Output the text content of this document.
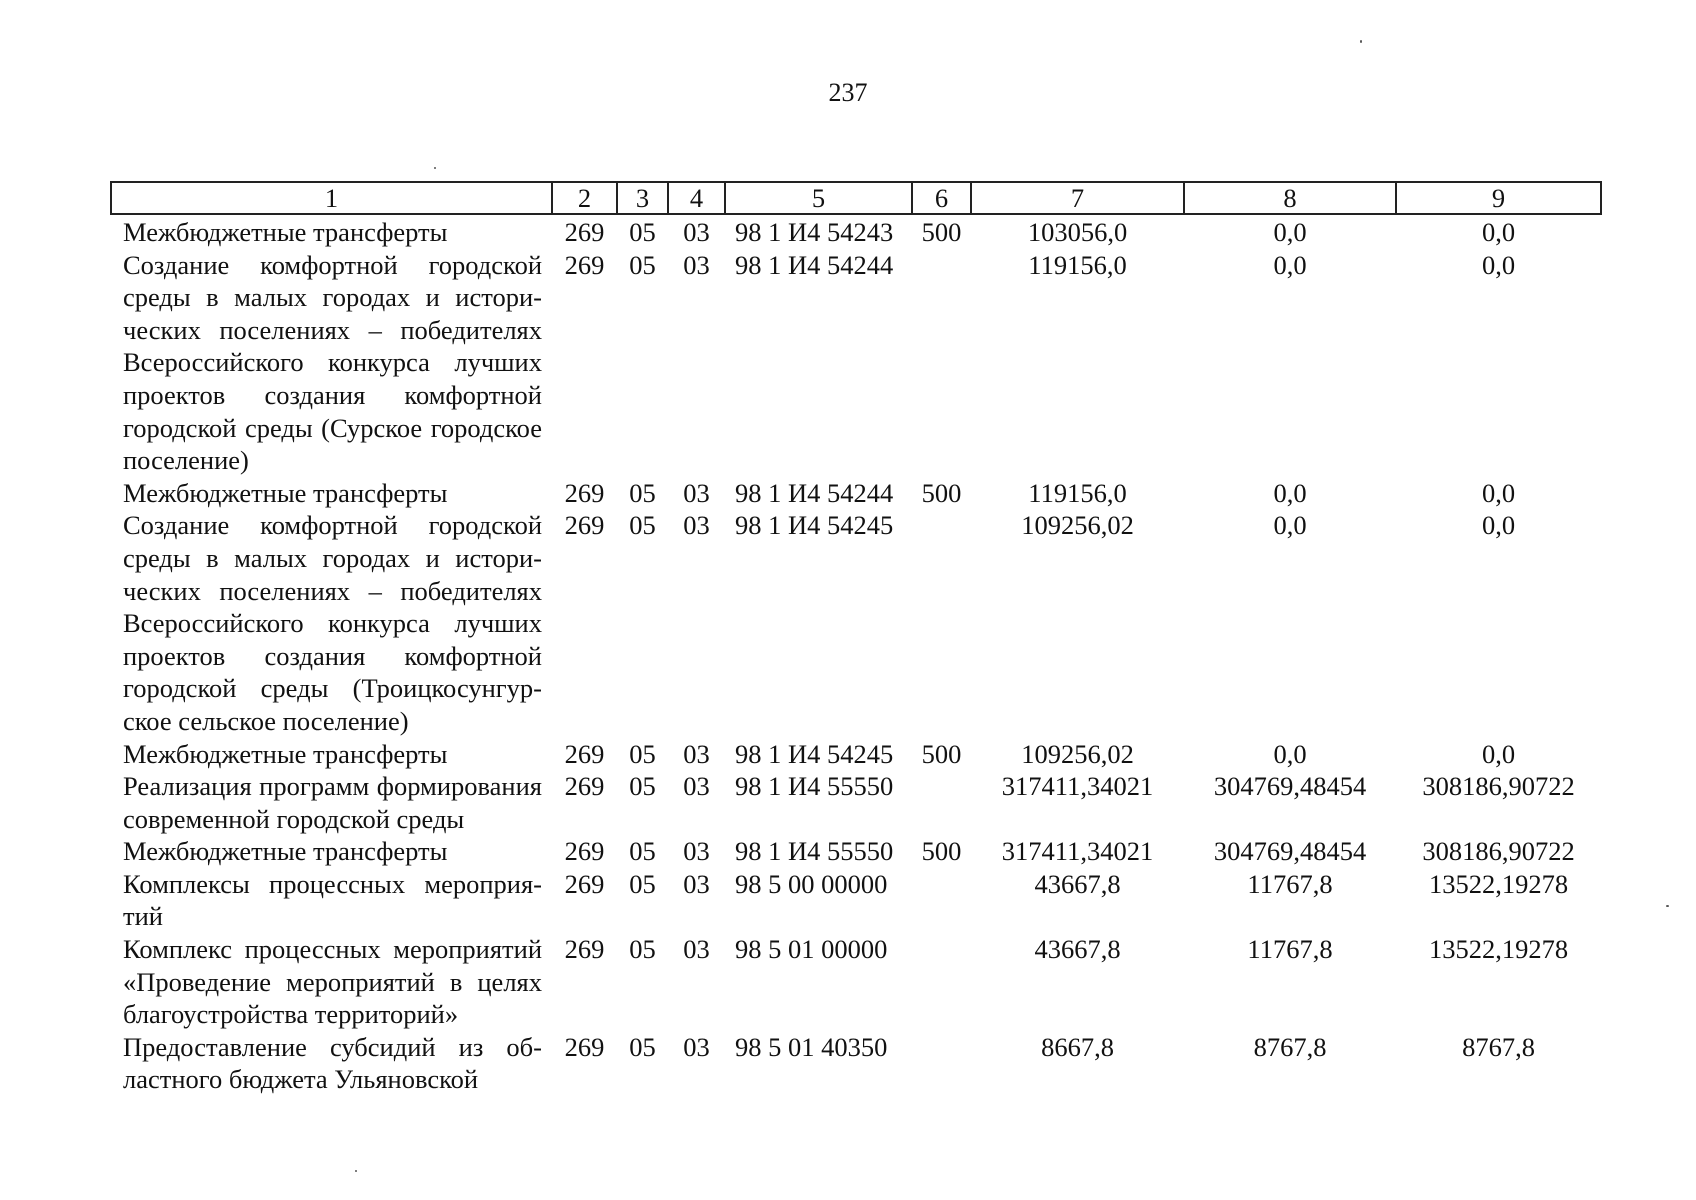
237
1	2	3	4	5	6	7	8	9
Межбюджетные трансферты	269	05	03	98 1 И4 54243	500	103056,0	0,0	0,0
Создание комфортной городской среды в малых городах и исторических поселениях – победителях Всероссийского конкурса лучших проектов создания комфортной городской среды (Сурское городское поселение)	269	05	03	98 1 И4 54244		119156,0	0,0	0,0
Межбюджетные трансферты	269	05	03	98 1 И4 54244	500	119156,0	0,0	0,0
Создание комфортной городской среды в малых городах и исторических поселениях – победителях Всероссийского конкурса лучших проектов создания комфортной городской среды (Троицкосунгурское сельское поселение)	269	05	03	98 1 И4 54245		109256,02	0,0	0,0
Межбюджетные трансферты	269	05	03	98 1 И4 54245	500	109256,02	0,0	0,0
Реализация программ формирования современной городской среды	269	05	03	98 1 И4 55550		317411,34021	304769,48454	308186,90722
Межбюджетные трансферты	269	05	03	98 1 И4 55550	500	317411,34021	304769,48454	308186,90722
Комплексы процессных мероприятий	269	05	03	98 5 00 00000		43667,8	11767,8	13522,19278
Комплекс процессных мероприятий «Проведение мероприятий в целях благоустройства территорий»	269	05	03	98 5 01 00000		43667,8	11767,8	13522,19278
Предоставление субсидий из областного бюджета Ульяновской	269	05	03	98 5 01 40350		8667,8	8767,8	8767,8
